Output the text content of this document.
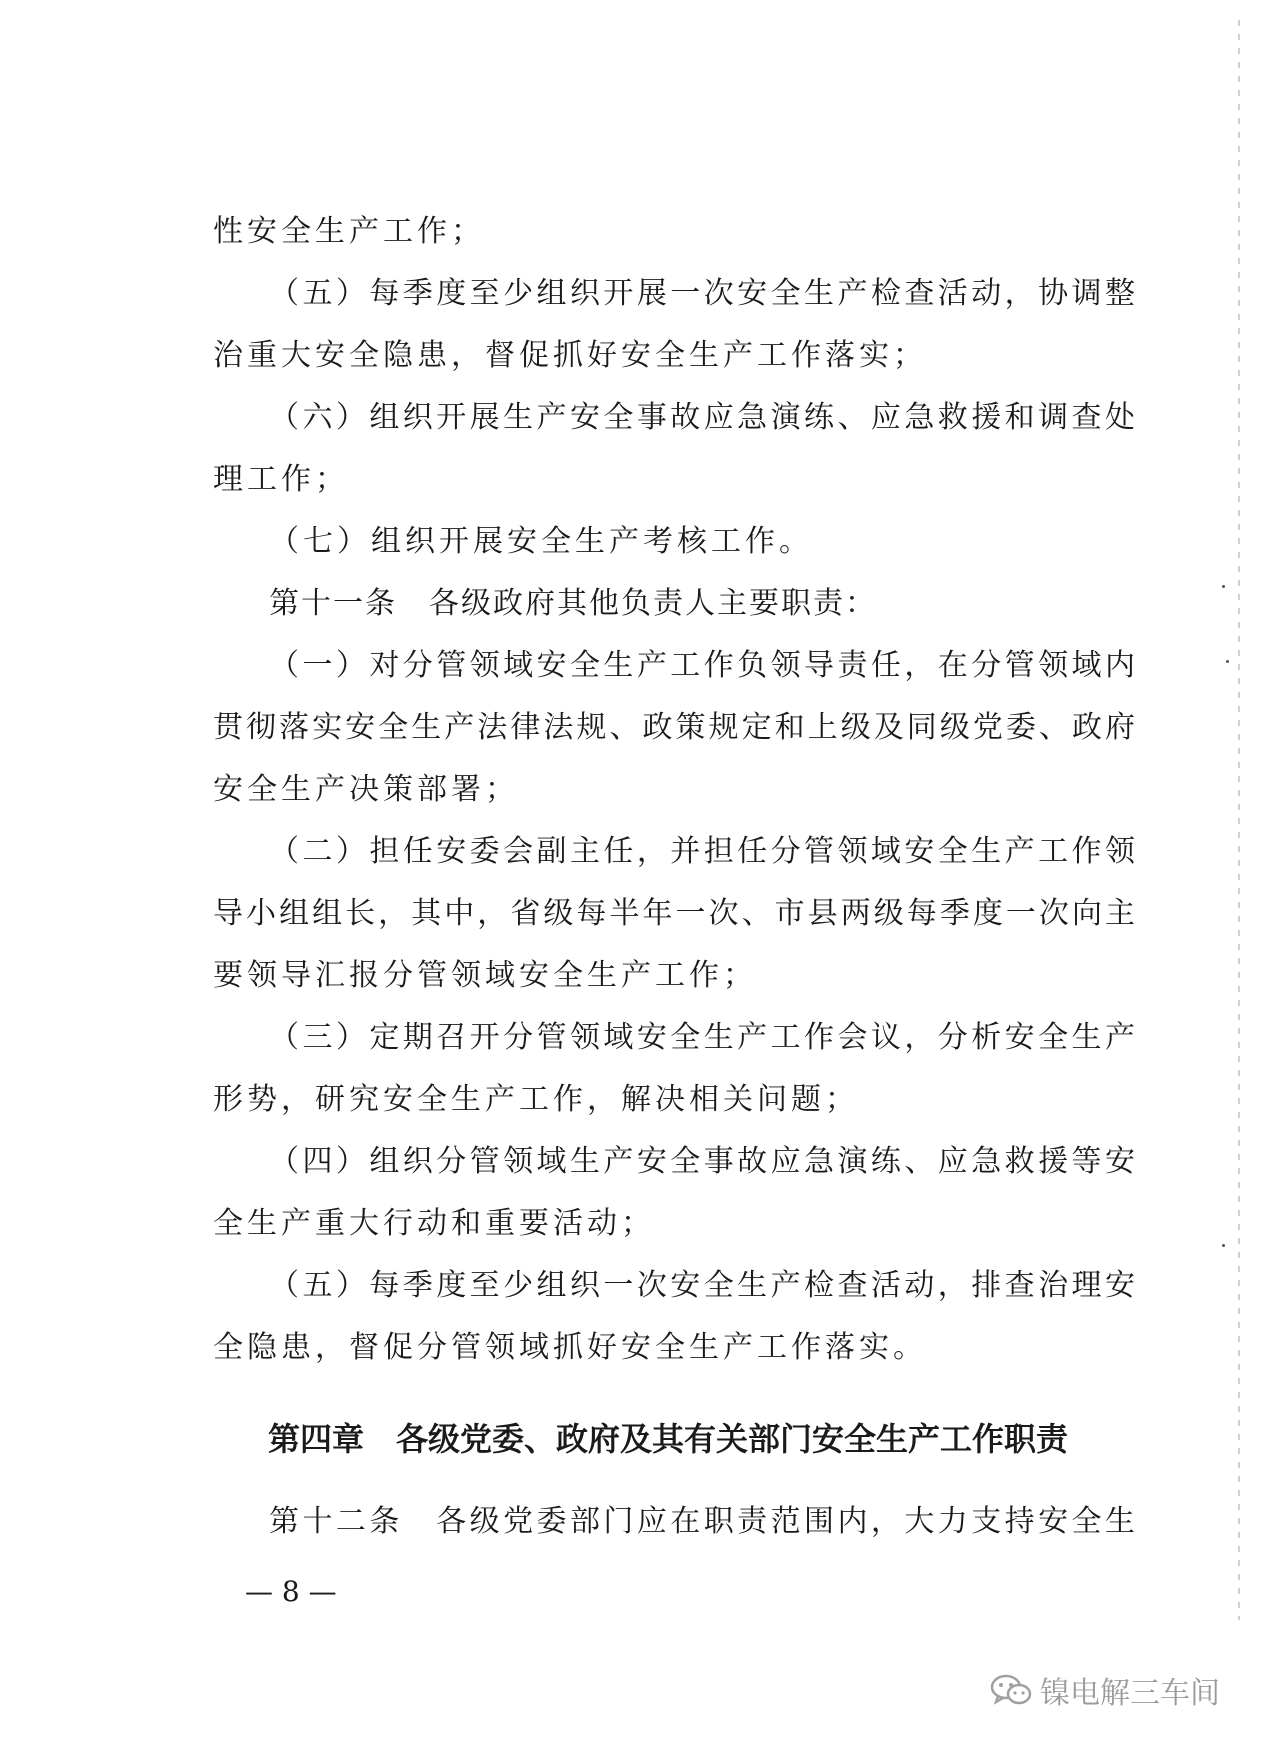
性安全生产工作；
（五）每季度至少组织开展一次安全生产检查活动，协调整
治重大安全隐患，督促抓好安全生产工作落实；
（六）组织开展生产安全事故应急演练、应急救援和调查处
理工作；
（七）组织开展安全生产考核工作。
第十一条　各级政府其他负责人主要职责：
（一）对分管领域安全生产工作负领导责任，在分管领域内
贯彻落实安全生产法律法规、政策规定和上级及同级党委、政府
安全生产决策部署；
（二）担任安委会副主任，并担任分管领域安全生产工作领
导小组组长，其中，省级每半年一次、市县两级每季度一次向主
要领导汇报分管领域安全生产工作；
（三）定期召开分管领域安全生产工作会议，分析安全生产
形势，研究安全生产工作，解决相关问题；
（四）组织分管领域生产安全事故应急演练、应急救援等安
全生产重大行动和重要活动；
（五）每季度至少组织一次安全生产检查活动，排查治理安
全隐患，督促分管领域抓好安全生产工作落实。
第四章　各级党委、政府及其有关部门安全生产工作职责
第十二条　各级党委部门应在职责范围内，大力支持安全生
— 8 —
镍电解三车间
